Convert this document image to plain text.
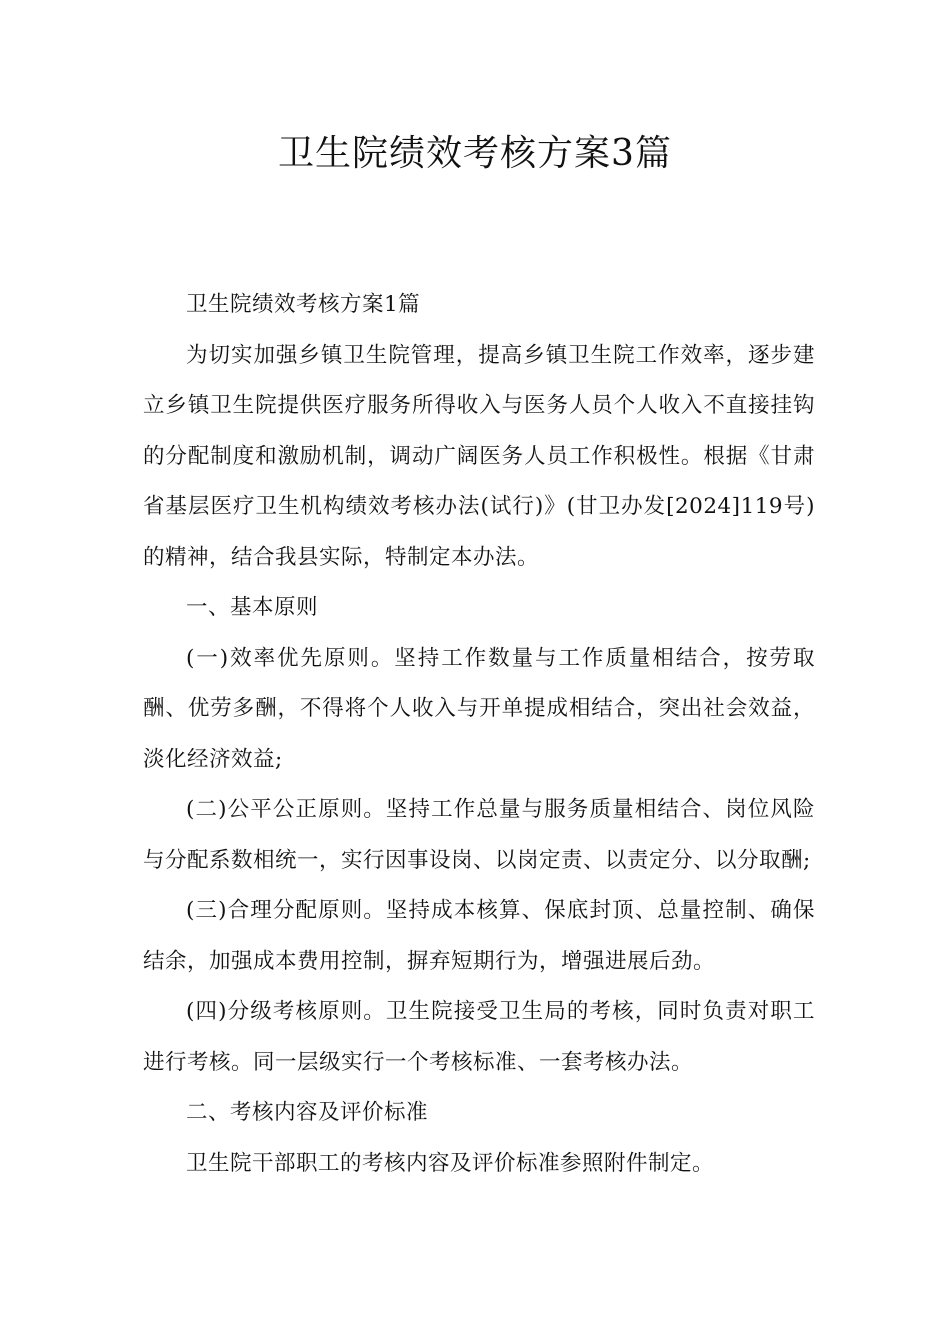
卫生院绩效考核方案3篇

卫生院绩效考核方案1篇

为切实加强乡镇卫生院管理，提高乡镇卫生院工作效率，逐步建立乡镇卫生院提供医疗服务所得收入与医务人员个人收入不直接挂钩的分配制度和激励机制，调动广阔医务人员工作积极性。根据《甘肃省基层医疗卫生机构绩效考核办法(试行)》(甘卫办发[2024]119号)的精神，结合我县实际，特制定本办法。

一、基本原则

(一)效率优先原则。坚持工作数量与工作质量相结合，按劳取酬、优劳多酬，不得将个人收入与开单提成相结合，突出社会效益，淡化经济效益;

(二)公平公正原则。坚持工作总量与服务质量相结合、岗位风险与分配系数相统一，实行因事设岗、以岗定责、以责定分、以分取酬;

(三)合理分配原则。坚持成本核算、保底封顶、总量控制、确保结余，加强成本费用控制，摒弃短期行为，增强进展后劲。

(四)分级考核原则。卫生院接受卫生局的考核，同时负责对职工进行考核。同一层级实行一个考核标准、一套考核办法。

二、考核内容及评价标准

卫生院干部职工的考核内容及评价标准参照附件制定。
